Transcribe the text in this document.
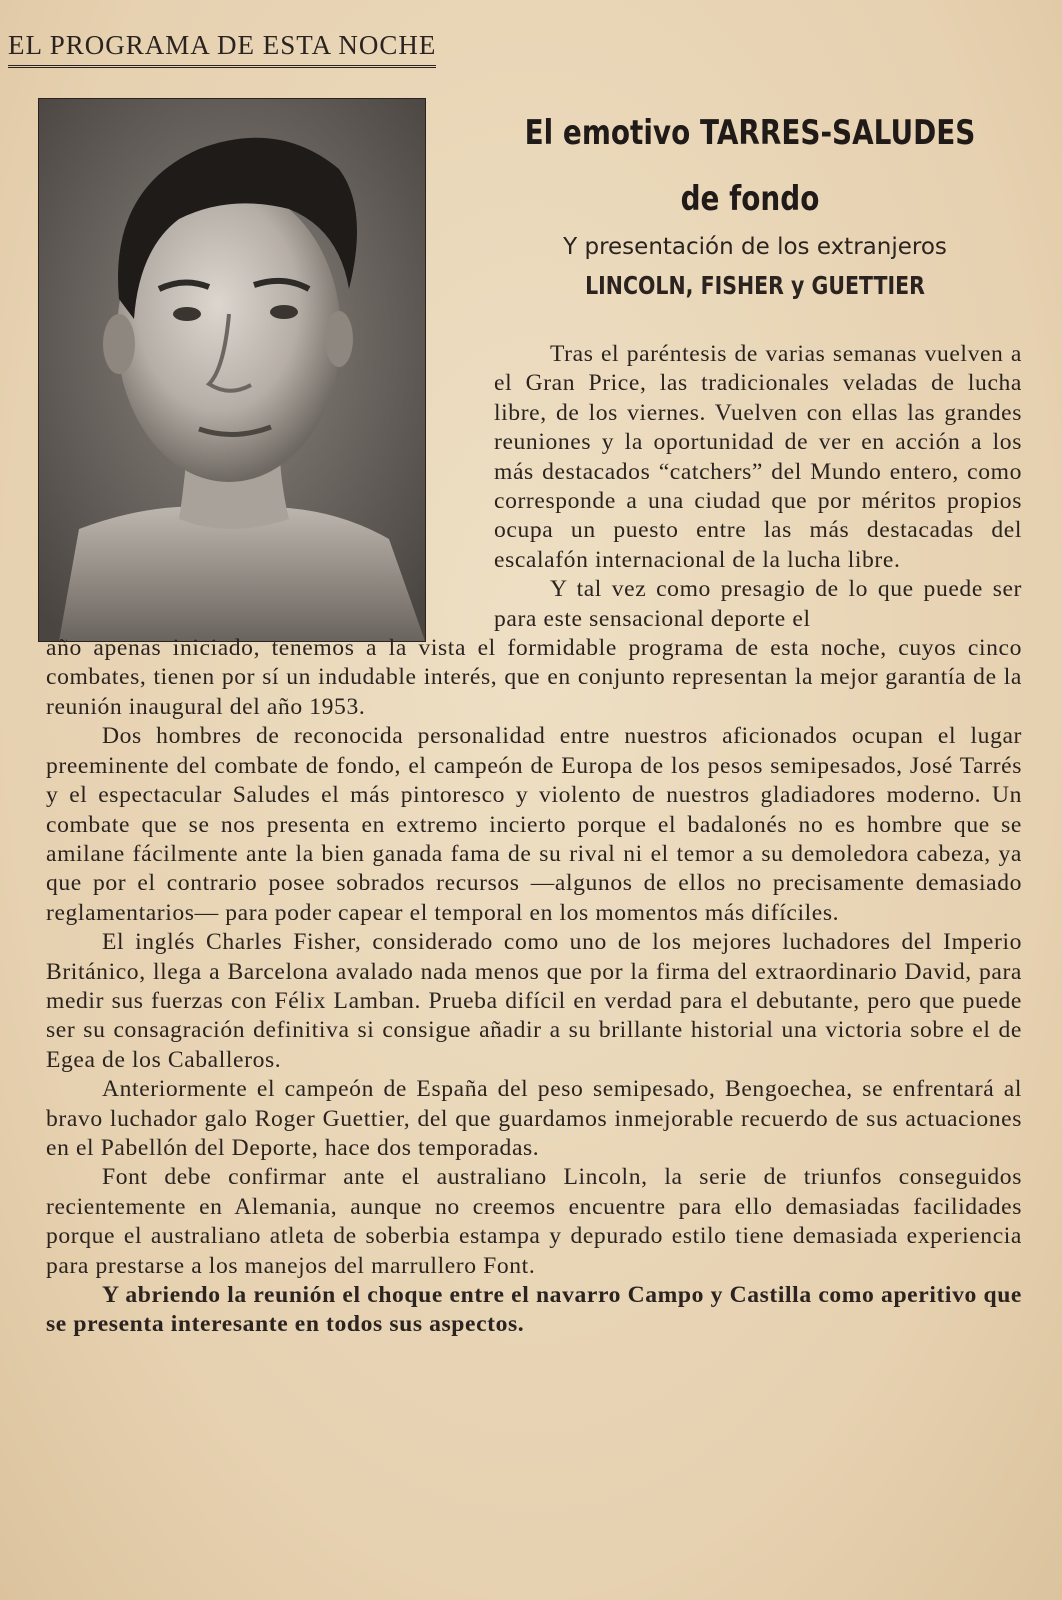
EL PROGRAMA DE ESTA NOCHE
El emotivo TARRES-SALUDES
de fondo
Y presentación de los extranjeros
LINCOLN, FISHER y GUETTIER

Tras el paréntesis de varias semanas vuelven a el Gran Price, las tradicionales veladas de lucha libre, de los viernes. Vuelven con ellas las grandes reuniones y la oportunidad de ver en acción a los más destacados “catchers” del Mundo entero, como corresponde a una ciudad que por méritos propios ocupa un puesto entre las más destacadas del escalafón internacional de la lucha libre.

Y tal vez como presagio de lo que puede ser para este sensacional deporte el

año apenas iniciado, tenemos a la vista el formidable programa de esta noche, cuyos cinco combates, tienen por sí un indudable interés, que en conjunto representan la mejor garantía de la reunión inaugural del año 1953.

Dos hombres de reconocida personalidad entre nuestros aficionados ocupan el lugar preeminente del combate de fondo, el campeón de Europa de los pesos semipesados, José Tarrés y el espectacular Saludes el más pintoresco y violento de nuestros gladiadores moderno. Un combate que se nos presenta en extremo incierto porque el badalonés no es hombre que se amilane fácilmente ante la bien ganada fama de su rival ni el temor a su demoledora cabeza, ya que por el contrario posee sobrados recursos —algunos de ellos no precisamente demasiado reglamentarios— para poder capear el temporal en los momentos más difíciles.

El inglés Charles Fisher, considerado como uno de los mejores luchadores del Imperio Británico, llega a Barcelona avalado nada menos que por la firma del extraordinario David, para medir sus fuerzas con Félix Lamban. Prueba difícil en verdad para el debutante, pero que puede ser su consagración definitiva si consigue añadir a su brillante historial una victoria sobre el de Egea de los Caballeros.

Anteriormente el campeón de España del peso semipesado, Bengoechea, se enfrentará al bravo luchador galo Roger Guettier, del que guardamos inmejorable recuerdo de sus actuaciones en el Pabellón del Deporte, hace dos temporadas.

Font debe confirmar ante el australiano Lincoln, la serie de triunfos conseguidos recientemente en Alemania, aunque no creemos encuentre para ello demasiadas facilidades porque el australiano atleta de soberbia estampa y depurado estilo tiene demasiada experiencia para prestarse a los manejos del marrullero Font.

Y abriendo la reunión el choque entre el navarro Campo y Castilla como aperitivo que se presenta interesante en todos sus aspectos.
